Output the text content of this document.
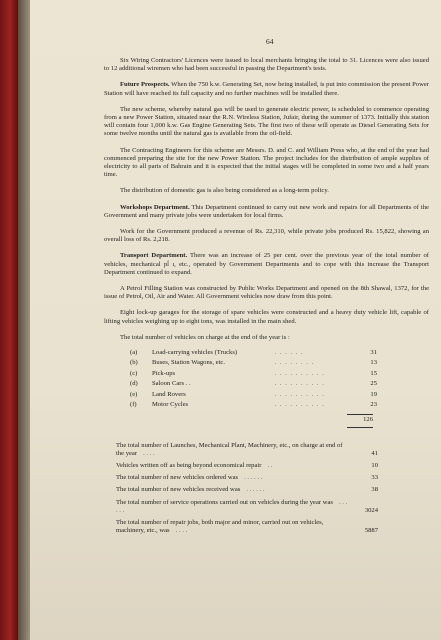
64

Six Wiring Contractors' Licences were issued to local merchants bringing the total to 31. Licences were also issued to 12 additional wiremen who had been successful in passing the Department's tests.

Future Prospects. When the 750 k.w. Generating Set, now being installed, is put into commission the present Power Station will have reached its full capacity and no further machines will be installed there.

The new scheme, whereby natural gas will be used to generate electric power, is scheduled to commence operating from a new Power Station, situated near the R.N. Wireless Station, Jufair, during the summer of 1373. Initially this station will contain four 1,000 k.w. Gas Engine Generating Sets. The first two of these will operate as Diesel Generating Sets for some twelve months until the natural gas is available from the oil-field.

The Contracting Engineers for this scheme are Messrs. D. and C. and William Press who, at the end of the year had commenced preparing the site for the new Power Station. The project includes for the distribution of ample supplies of electricity to all parts of Bahrain and it is expected that the initial stages will be completed in some two and a half years time.

The distribution of domestic gas is also being considered as a long-term policy.

Workshops Department. This Department continued to carry out new work and repairs for all Departments of the Government and many private jobs were undertaken for local firms.

Work for the Government produced a revenue of Rs. 22,310, while private jobs produced Rs. 15,822, showing an overall loss of Rs. 2,218.

Transport Department. There was an increase of 25 per cent. over the previous year of the total number of vehicles, mechanical pĺ ı, etc., operated by Government Departments and to cope with this increase the Transport Department continued to expand.

A Petrol Filling Station was constructed by Public Works Department and opened on the 8th Shawal, 1372, for the issue of Petrol, Oil, Air and Water. All Government vehicles now draw from this point.

Eight lock-up garages for the storage of spare vehicles were constructed and a heavy duty vehicle lift, capable of lifting vehicles weighing up to eight tons, was installed in the main shed.

The total number of vehicles on charge at the end of the year is :
(a)	Load-carrying vehicles (Trucks)	. . . . . .	31
(b)	Buses, Station Wagons, etc.	. . . . . . . .	13
(c)	Pick-ups	. . . . . . . . . .	15
(d)	Saloon Cars . .	. . . . . . . . . .	25
(e)	Land Rovers	. . . . . . . . . .	19
(f)	Motor Cycles	. . . . . . . . . .	23
126
The total number of Launches, Mechanical Plant, Machinery, etc., on charge at end of the year . . . .	41
Vehicles written off as being beyond economical repair . .	10
The total number of new vehicles ordered was . . . . . .	33
The total number of new vehicles received was . . . . . .	38
The total number of service operations carried out on vehicles during the year was . . . . . .	3024
The total number of repair jobs, both major and minor, carried out on vehicles, machinery, etc., was . . . .	5887
